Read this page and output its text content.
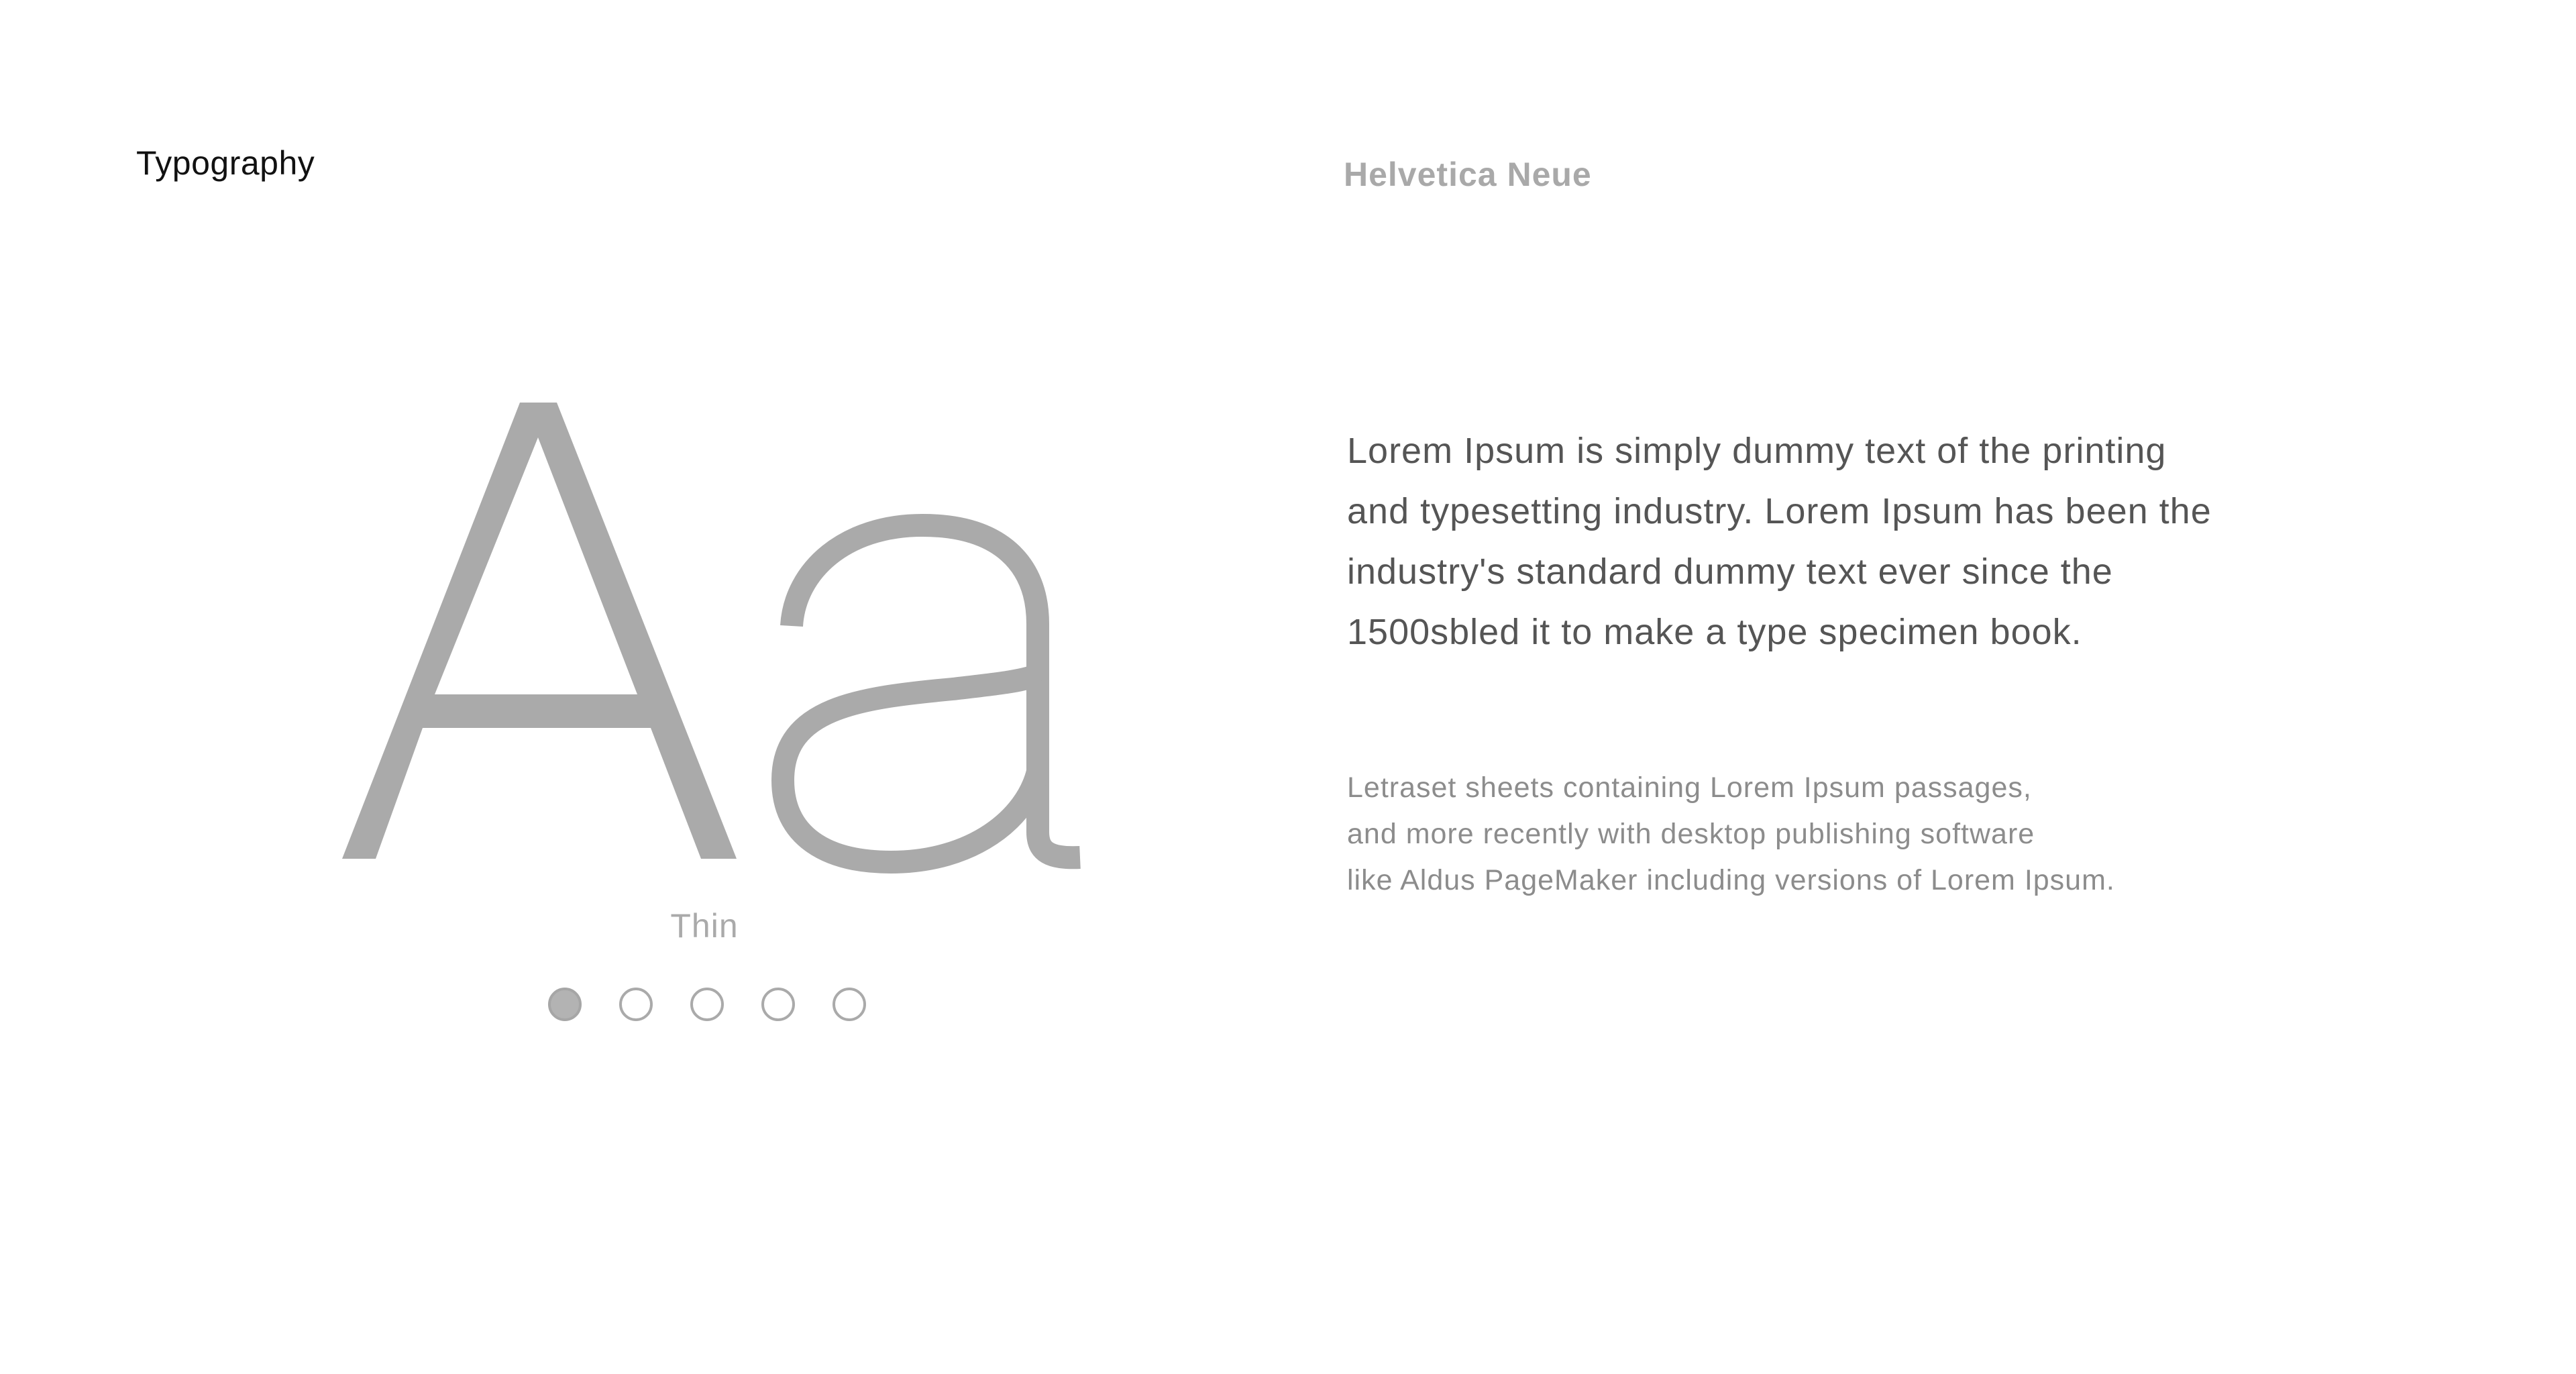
Typography	Helvetica Neue
Thin
Lorem Ipsum is simply dummy text of the printing
and typesetting industry. Lorem Ipsum has been the
industry's standard dummy text ever since the
1500sbled it to make a type specimen book.
Letraset sheets containing Lorem Ipsum passages,
and more recently with desktop publishing software
like Aldus PageMaker including versions of Lorem Ipsum.
